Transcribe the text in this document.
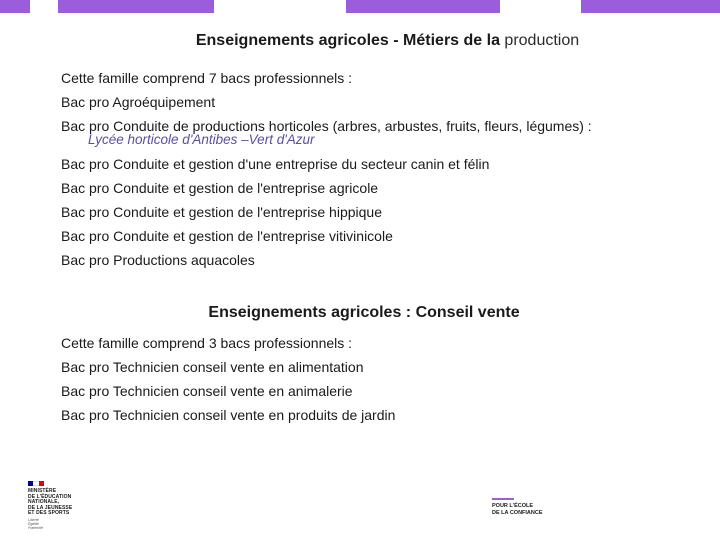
Enseignements agricoles - Métiers de la production
Cette famille comprend 7 bacs professionnels :
Bac pro Agroéquipement
Bac pro Conduite de productions horticoles (arbres, arbustes, fruits, fleurs, légumes) :
Lycée horticole d'Antibes –Vert d'Azur
Bac pro Conduite et gestion d'une entreprise du secteur canin et félin
Bac pro Conduite et gestion de l'entreprise agricole
Bac pro Conduite et gestion de l'entreprise hippique
Bac pro Conduite et gestion de l'entreprise vitivinicole
Bac pro Productions aquacoles
Enseignements agricoles : Conseil vente
Cette famille comprend 3 bacs professionnels :
Bac pro Technicien conseil vente en alimentation
Bac pro Technicien conseil vente en animalerie
Bac pro Technicien conseil vente en produits de jardin
MINISTÈRE
DE L'ÉDUCATION
NATIONALE,
DE LA JEUNESSE
ET DES SPORTS
Liberté
Égalité
Fraternité
POUR L'ÉCOLE
DE LA CONFIANCE
